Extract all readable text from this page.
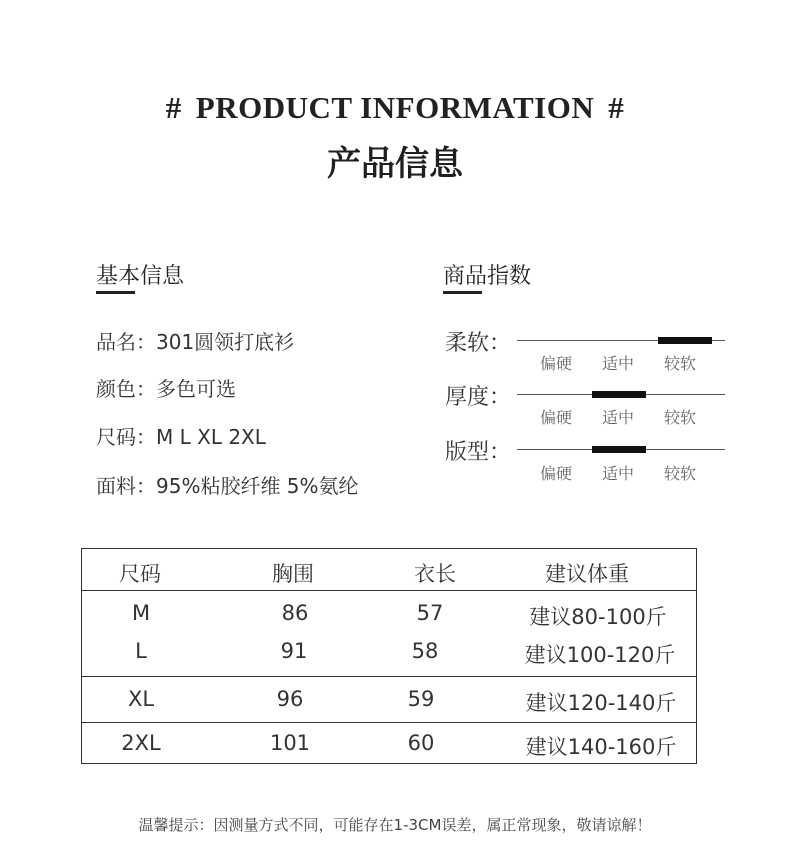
# PRODUCT INFORMATION #
产品信息
基本信息
品名：301圆领打底衫
颜色：多色可选
尺码：M L XL 2XL
面料：95%粘胶纤维 5%氨纶
商品指数
柔软：
偏硬 适中 较软
厚度：
偏硬 适中 较软
版型：
偏硬 适中 较软
尺码	胸围	衣长	建议体重
M	86	57	建议80-100斤
L	91	58	建议100-120斤
XL	96	59	建议120-140斤
2XL	101	60	建议140-160斤
温馨提示：因测量方式不同，可能存在1-3CM误差，属正常现象，敬请谅解！
